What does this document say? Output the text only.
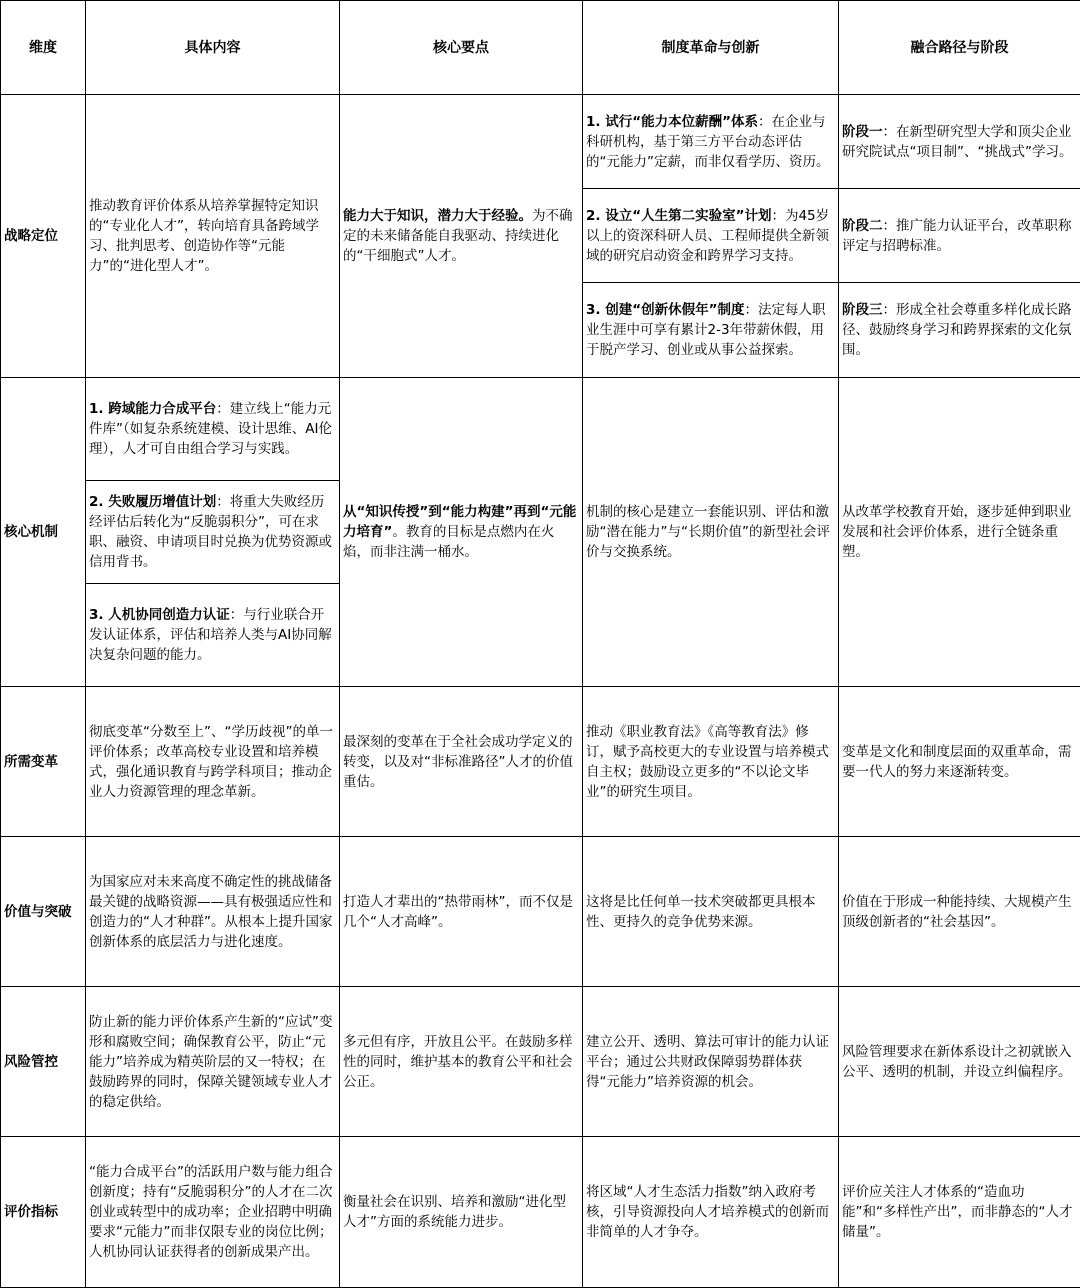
维度	具体内容	核心要点	制度革命与创新	融合路径与阶段
战略定位	推动教育评价体系从培养掌握特定知识的“专业化人才”，转向培育具备跨域学习、批判思考、创造协作等“元能力”的“进化型人才”。	能力大于知识，潜力大于经验。为不确定的未来储备能自我驱动、持续进化的“干细胞式”人才。	1. 试行“能力本位薪酬”体系：在企业与科研机构，基于第三方平台动态评估的“元能力”定薪，而非仅看学历、资历。	阶段一：在新型研究型大学和顶尖企业研究院试点“项目制”、“挑战式”学习。
			2. 设立“人生第二实验室”计划：为45岁以上的资深科研人员、工程师提供全新领域的研究启动资金和跨界学习支持。	阶段二：推广能力认证平台，改革职称评定与招聘标准。
			3. 创建“创新休假年”制度：法定每人职业生涯中可享有累计2-3年带薪休假，用于脱产学习、创业或从事公益探索。	阶段三：形成全社会尊重多样化成长路径、鼓励终身学习和跨界探索的文化氛围。
核心机制	1. 跨域能力合成平台：建立线上“能力元件库”（如复杂系统建模、设计思维、AI伦理），人才可自由组合学习与实践。	从“知识传授”到“能力构建”再到“元能力培育”。教育的目标是点燃内在火焰，而非注满一桶水。	机制的核心是建立一套能识别、评估和激励“潜在能力”与“长期价值”的新型社会评价与交换系统。	从改革学校教育开始，逐步延伸到职业发展和社会评价体系，进行全链条重塑。
	2. 失败履历增值计划：将重大失败经历经评估后转化为“反脆弱积分”，可在求职、融资、申请项目时兑换为优势资源或信用背书。			
	3. 人机协同创造力认证：与行业联合开发认证体系，评估和培养人类与AI协同解决复杂问题的能力。			
所需变革	彻底变革“分数至上”、“学历歧视”的单一评价体系；改革高校专业设置和培养模式，强化通识教育与跨学科项目；推动企业人力资源管理的理念革新。	最深刻的变革在于全社会成功学定义的转变，以及对“非标准路径”人才的价值重估。	推动《职业教育法》《高等教育法》修订，赋予高校更大的专业设置与培养模式自主权；鼓励设立更多的“不以论文毕业”的研究生项目。	变革是文化和制度层面的双重革命，需要一代人的努力来逐渐转变。
价值与突破	为国家应对未来高度不确定性的挑战储备最关键的战略资源——具有极强适应性和创造力的“人才种群”。从根本上提升国家创新体系的底层活力与进化速度。	打造人才辈出的“热带雨林”，而不仅是几个“人才高峰”。	这将是比任何单一技术突破都更具根本性、更持久的竞争优势来源。	价值在于形成一种能持续、大规模产生顶级创新者的“社会基因”。
风险管控	防止新的能力评价体系产生新的“应试”变形和腐败空间；确保教育公平，防止“元能力”培养成为精英阶层的又一特权；在鼓励跨界的同时，保障关键领域专业人才的稳定供给。	多元但有序，开放且公平。在鼓励多样性的同时，维护基本的教育公平和社会公正。	建立公开、透明、算法可审计的能力认证平台；通过公共财政保障弱势群体获得“元能力”培养资源的机会。	风险管理要求在新体系设计之初就嵌入公平、透明的机制，并设立纠偏程序。
评价指标	“能力合成平台”的活跃用户数与能力组合创新度；持有“反脆弱积分”的人才在二次创业或转型中的成功率；企业招聘中明确要求“元能力”而非仅限专业的岗位比例；人机协同认证获得者的创新成果产出。	衡量社会在识别、培养和激励“进化型人才”方面的系统能力进步。	将区域“人才生态活力指数”纳入政府考核，引导资源投向人才培养模式的创新而非简单的人才争夺。	评价应关注人才体系的“造血功能”和“多样性产出”，而非静态的“人才储量”。
